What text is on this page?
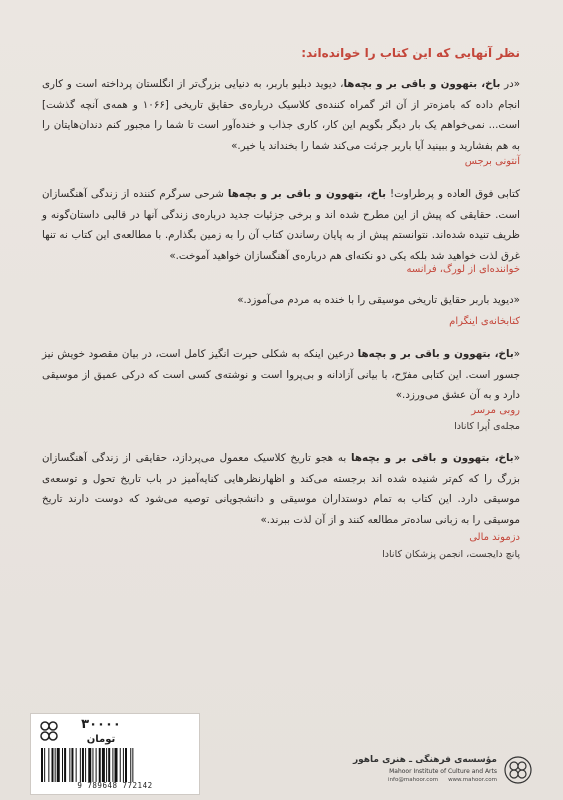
نظر آنهایی که این کتاب را خوانده‌اند:
«در باخ، بتهوون و باقی بر و بچه‌ها، دیوید دبلیو باربر، به دنیایی بزرگ‌تر از انگلستان پرداخته است و کاری انجام داده که بامزه‌تر از آن اثر گمراه کننده‌ی کلاسیک درباره‌ی حقایق تاریخی [۱۰۶۶ و همه‌ی آنچه گذشت] است... نمی‌خواهم یک بار دیگر بگویم این کار، کاری جذاب و خنده‌آور است تا شما را مجبور کنم دندان‌هایتان را به هم بفشارید و ببینید آیا باربر جرئت می‌کند شما را بخنداند یا خیر.»
آنتونی برجس
کتابی فوق العاده و پرطراوت! باخ، بتهوون و باقی بر و بچه‌ها شرحی سرگرم کننده از زندگی آهنگسازان است. حقایقی که پیش از این مطرح شده اند و برخی جزئیات جدید درباره‌ی زندگی آنها در قالبی داستان‌گونه و ظریف تنیده شده‌اند. نتوانستم پیش از به پایان رساندن کتاب آن را به زمین بگذارم. با مطالعه‌ی این کتاب نه تنها غرق لذت خواهید شد بلکه یکی دو نکته‌ای هم درباره‌ی آهنگسازان خواهید آموخت.»
خواننده‌ای از لورگ، فرانسه
«دیوید باربر حقایق تاریخی موسیقی را با خنده به مردم می‌آموزد.»
کتابخانه‌ی اینگرام
«باخ، بتهوون و باقی بر و بچه‌ها درعین اینکه به شکلی حیرت انگیز کامل است، در بیان مقصود خویش نیز جسور است. این کتابی مفرّح، با بیانی آزادانه و بی‌پروا است و نوشته‌ی کسی است که درکی عمیق از موسیقی دارد و به آن عشق می‌ورزد.»
روبی مرسر
مجله‌ی اُپرا کانادا
«باخ، بتهوون و باقی بر و بچه‌ها به هجو تاریخ کلاسیک معمول می‌پردازد، حقایقی از زندگی آهنگسازان بزرگ را که کم‌تر شنیده شده اند برجسته می‌کند و اظهارنظرهایی کنایه‌آمیز در باب تاریخ تحول و توسعه‌ی موسیقی دارد. این کتاب به تمام دوستداران موسیقی و دانشجویانی توصیه می‌شود که دوست دارند تاریخ موسیقی را به زبانی ساده‌تر مطالعه کنند و از آن لذت ببرند.»
دزموند مالی
پانچ دایجست، انجمن پزشکان کانادا
۳۰۰۰۰
تومان
9 789648 772142
مؤسسه‌ی فرهنگی ـ هنری ماهور
Mahoor Institute of Culture and Arts
info@mahoor.com www.mahoor.com
